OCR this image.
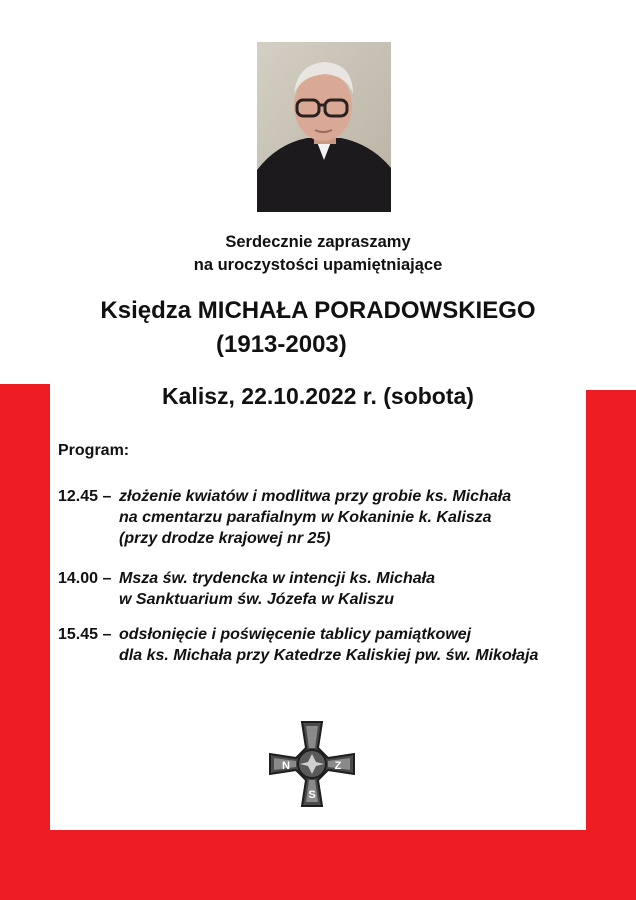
Serdecznie zapraszamy
na uroczystości upamiętniające
Księdza MICHAŁA PORADOWSKIEGO
(1913-2003)
Kalisz, 22.10.2022 r. (sobota)
Program:
12.45 – złożenie kwiatów i modlitwa przy grobie ks. Michała
na cmentarzu parafialnym w Kokaninie k. Kalisza
(przy drodze krajowej nr 25)
14.00 – Msza św. trydencka w intencji ks. Michała
w Sanktuarium św. Józefa w Kaliszu
15.45 – odsłonięcie i poświęcenie tablicy pamiątkowej
dla ks. Michała przy Katedrze Kaliskiej pw. św. Mikołaja
N	Z
S
